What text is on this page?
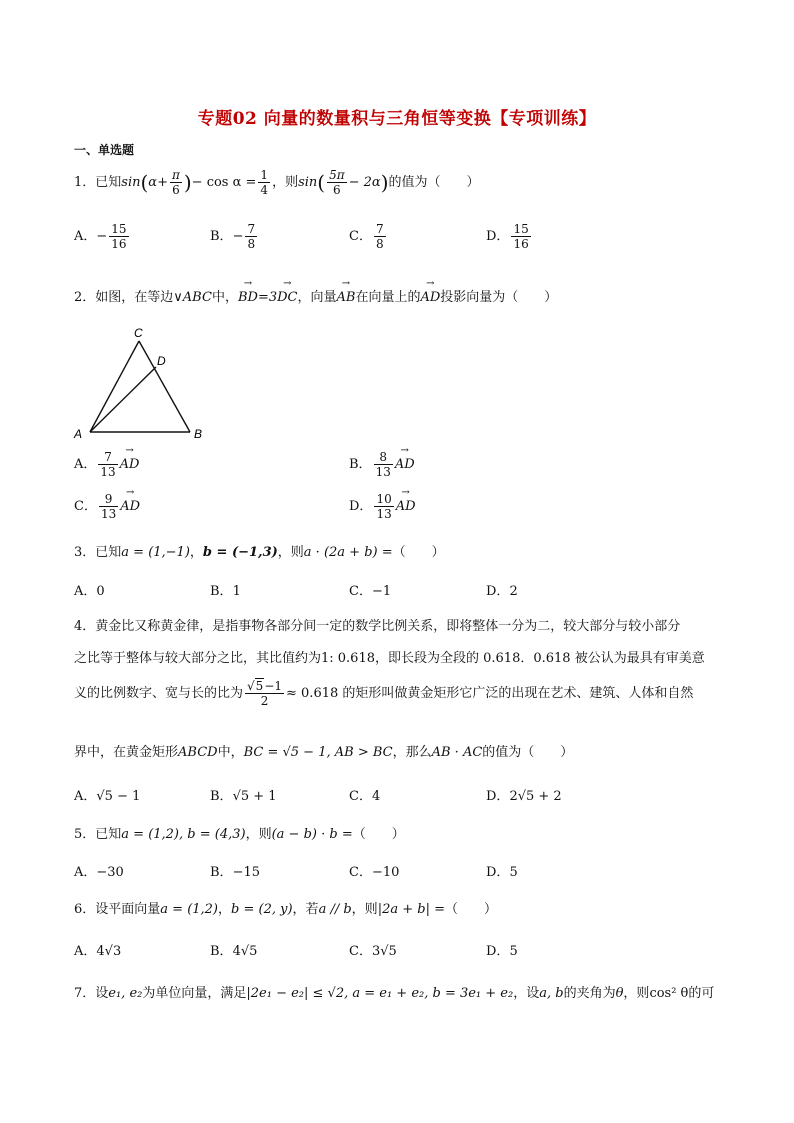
专题02 向量的数量积与三角恒等变换【专项训练】
一、单选题
1．已知$\sin(\alpha+ \frac{\pi}{6}$ )− $\cos \alpha = \frac{1}{4}$ ，则$\sin( \frac{5\pi}{6} - 2\alpha)$的值为（　　）
A．− $\frac{15}{16}$	B．− $\frac{7}{8}$	C． $\frac{7}{8}$	D． $\frac{15}{16}$
2．如图，在等边∨ABC中，→ BD=3→ DC，向量→ AB在向量上的→ AD投影向量为（　　）
A	B
C
D
A． $\frac{7}{13}$ → AD	B． $\frac{8}{13}$ → AD
C． $\frac{9}{13}$ → AD	D． $\frac{10}{13}$ → AD
3．已知a = (1,−1)，b = (−1,3)，则a · (2a + b) =（　　）
A．0	B．1	C．−1	D．2
4．黄金比又称黄金律，是指事物各部分间一定的数学比例关系，即将整体一分为二，较大部分与较小部分
之比等于整体与较大部分之比，其比值约为1: 0.618，即长段为全段的 0.618．0.618 被公认为最具有审美意
义的比例数字、宽与长的比为 $\frac{√5-1}{2} \approx 0.618$ 的矩形叫做黄金矩形它广泛的出现在艺术、建筑、人体和自然
界中，在黄金矩形ABCD中，BC = √5 − 1, AB > BC，那么AB · AC的值为（　　）
A．√5 − 1	B．√5 + 1	C．4	D．2√5 + 2
5．已知a = (1,2), b = (4,3)，则(a − b) · b =（　　）
A．−30	B．−15	C．−10	D．5
6．设平面向量a = (1,2)，b = (2, y)，若a // b，则|2a + b| =（　　）
A．4√3	B．4√5	C．3√5	D．5
7．设e₁, e₂为单位向量，满足|2e₁ − e₂| ≤ √2, a = e₁ + e₂, b = 3e₁ + e₂，设a, b的夹角为θ，则cos² θ的可
